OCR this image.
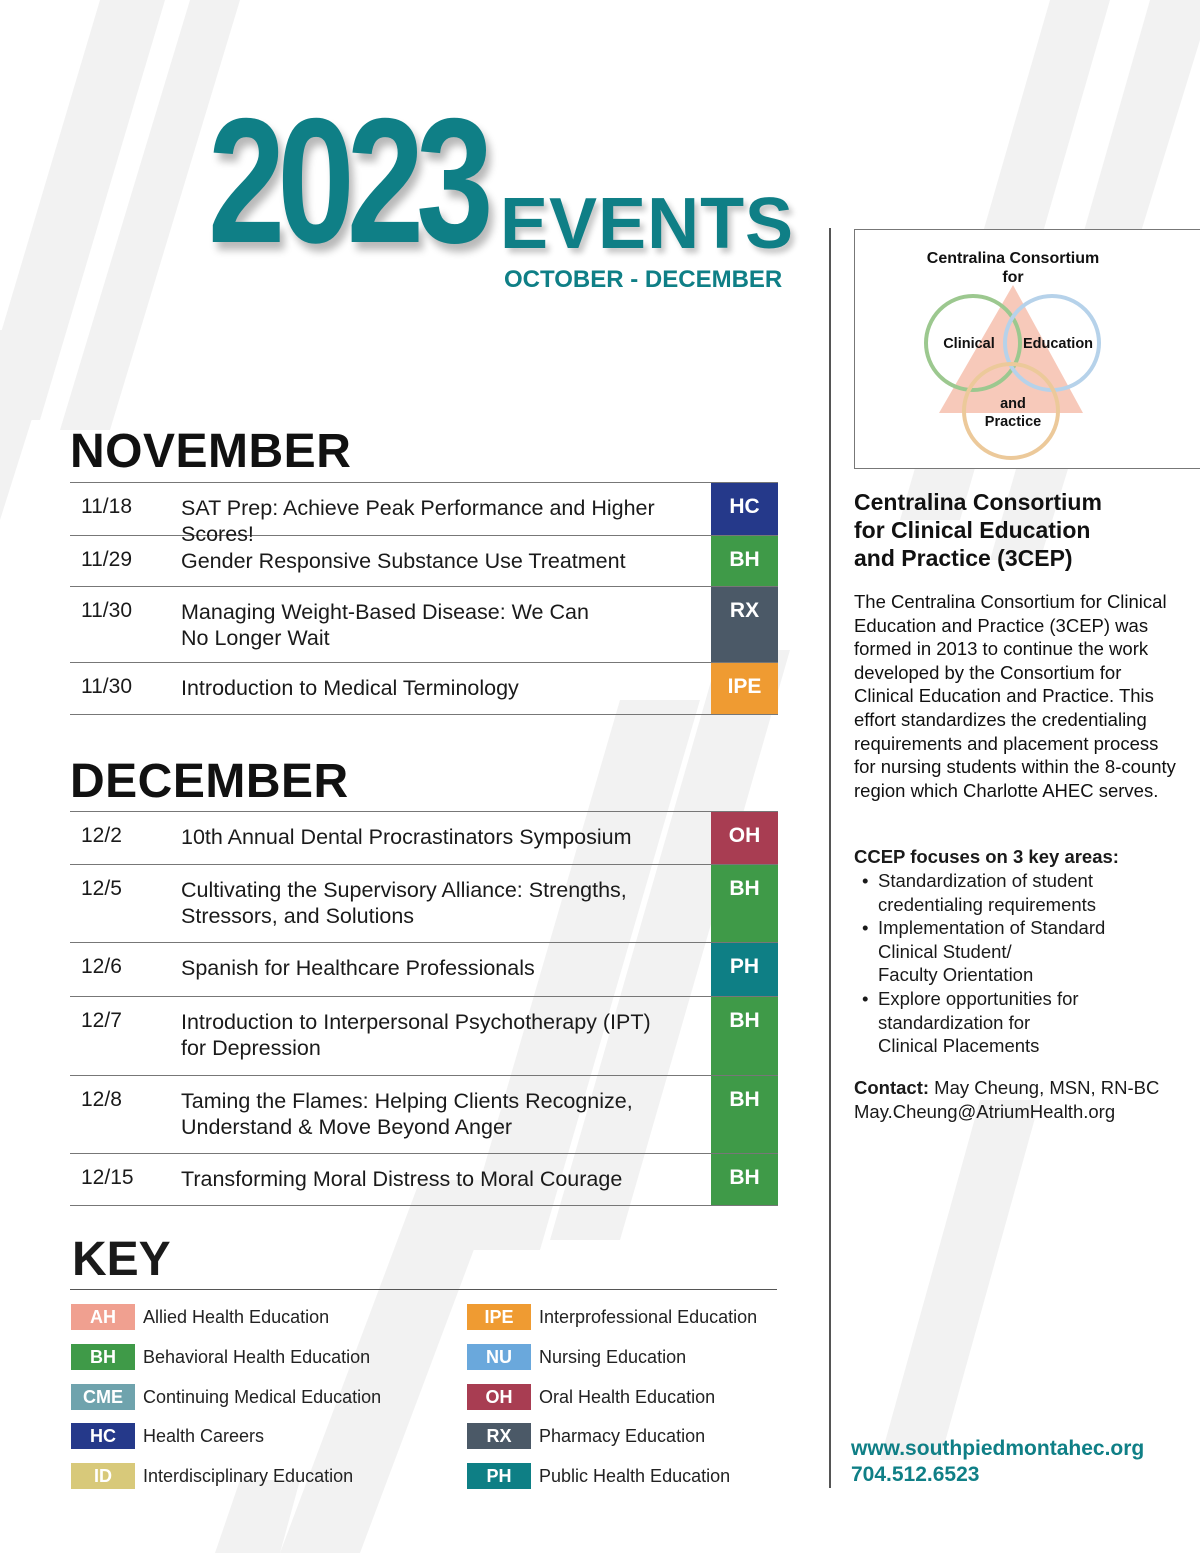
2023 EVENTS
OCTOBER - DECEMBER
NOVEMBER
11/18	SAT Prep: Achieve Peak Performance and Higher Scores!
HC
11/29	Gender Responsive Substance Use Treatment	BH
11/30	Managing Weight-Based Disease: We Can
No Longer Wait
RX
11/30	Introduction to Medical Terminology	IPE
DECEMBER
12/2	10th Annual Dental Procrastinators Symposium	OH
12/5	Cultivating the Supervisory Alliance: Strengths,
Stressors, and Solutions
BH
12/6	Spanish for Healthcare Professionals	PH
12/7	Introduction to Interpersonal Psychotherapy (IPT)
for Depression
BH
12/8	Taming the Flames: Helping Clients Recognize,
Understand & Move Beyond Anger
BH
12/15	Transforming Moral Distress to Moral Courage	BH
KEY
AH	Allied Health Education
BH	Behavioral Health Education
CME	Continuing Medical Education
HC	Health Careers
ID	Interdisciplinary Education
IPE	Interprofessional Education
NU	Nursing Education
OH	Oral Health Education
RX	Pharmacy Education
PH	Public Health Education
Centralina Consortium
for
Clinical Education
and
Practice
Centralina Consortium
for Clinical Education
and Practice (3CEP)
The Centralina Consortium for Clinical Education and Practice (3CEP) was formed in 2013 to continue the work developed by the Consortium for Clinical Education and Practice. This effort standardizes the credentialing requirements and placement process for nursing students within the 8-county region which Charlotte AHEC serves.
CCEP focuses on 3 key areas:
• Standardization of student
credentialing requirements
• Implementation of Standard
Clinical Student/
Faculty Orientation
• Explore opportunities for
standardization for
Clinical Placements
Contact: May Cheung, MSN, RN-BC
May.Cheung@AtriumHealth.org
www.southpiedmontahec.org
704.512.6523
